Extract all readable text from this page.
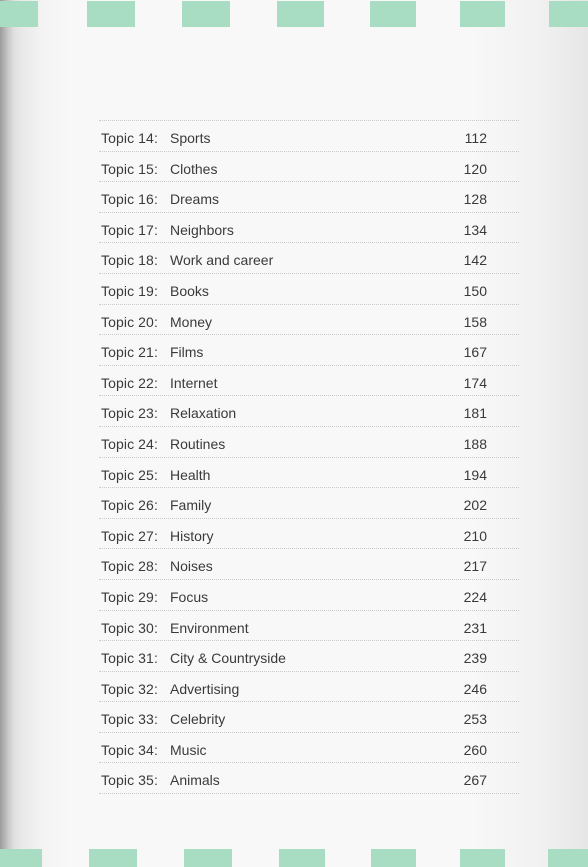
Topic 14: Sports	112
Topic 15: Clothes	120
Topic 16: Dreams	128
Topic 17: Neighbors	134
Topic 18: Work and career	142
Topic 19: Books	150
Topic 20: Money	158
Topic 21: Films	167
Topic 22: Internet	174
Topic 23: Relaxation	181
Topic 24: Routines	188
Topic 25: Health	194
Topic 26: Family	202
Topic 27: History	210
Topic 28: Noises	217
Topic 29: Focus	224
Topic 30: Environment	231
Topic 31: City & Countryside	239
Topic 32: Advertising	246
Topic 33: Celebrity	253
Topic 34: Music	260
Topic 35: Animals	267
